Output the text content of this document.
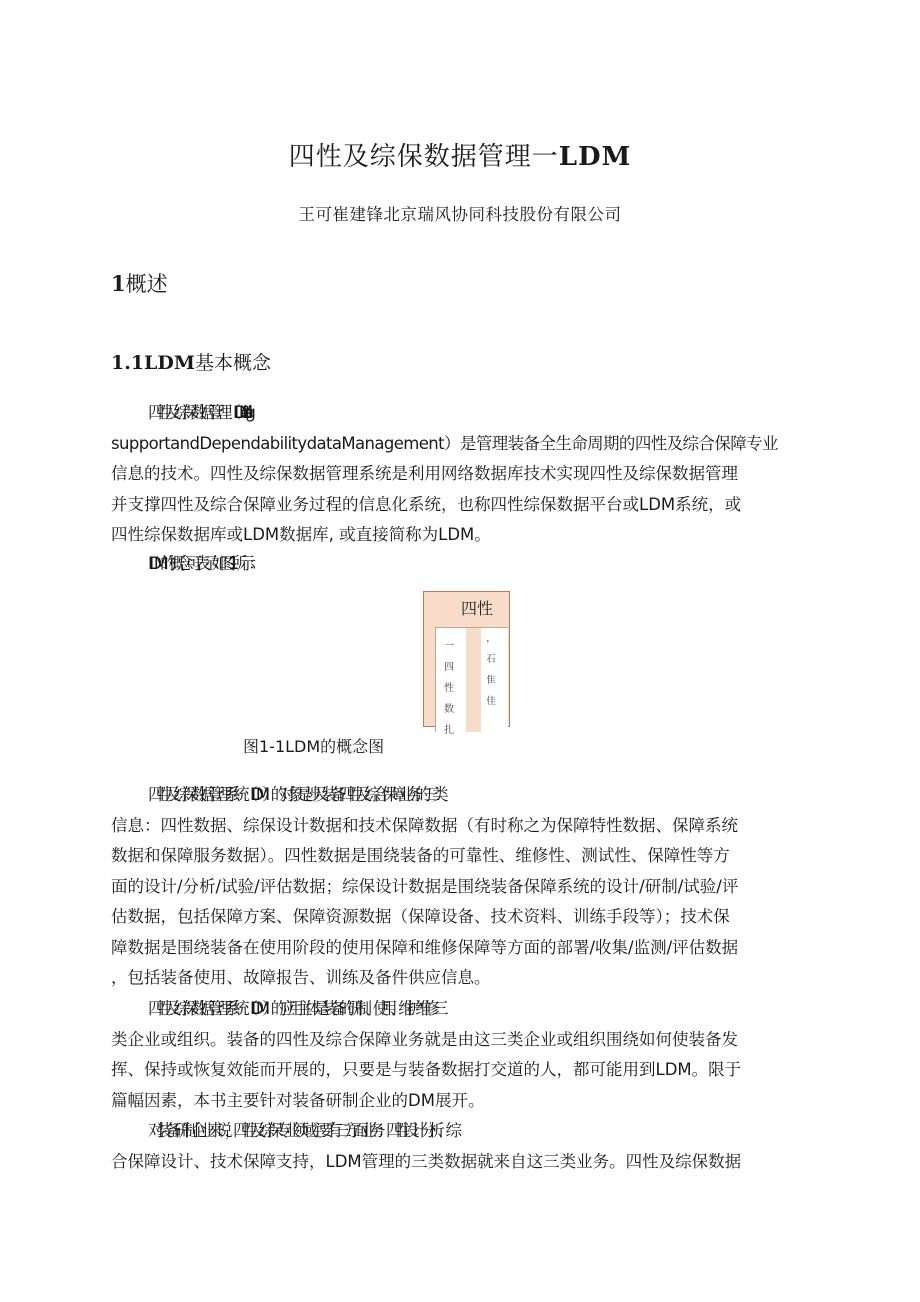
四性及综保数据管理一LDM
王可崔建锋北京瑞风协同科技股份有限公司
1概述
1.1LDM基本概念
四性及综保数据管理（LDM,Logistic-
supportandDependabilitydataManagement）是管理装备全生命周期的四性及综合保障专业
信息的技术。四性及综保数据管理系统是利用网络数据库技术实现四性及综保数据管理
并支撑四性及综合保障业务过程的信息化系统，也称四性综保数据平台或LDM系统，或
四性综保数据库或LDM数据库, 或直接简称为LDM。
LDM的概念可表示如图1-1所示：
四性
一
四
性
数
扎
，
石
隹
佳
图1-1LDM的概念图
四性及综保数据管理系统（LDM）的对象是涉及装备四性及综合保障业务的三类
信息：四性数据、综保设计数据和技术保障数据（有时称之为保障特性数据、保障系统
数据和保障服务数据）。四性数据是围绕装备的可靠性、维修性、测试性、保障性等方
面的设计/分析/试验/评估数据；综保设计数据是围绕装备保障系统的设计/研制/试验/评
估数据，包括保障方案、保障资源数据（保障设备、技术资料、训练手段等）；技术保
障数据是围绕装备在使用阶段的使用保障和维修保障等方面的部署/收集/监测/评估数据
，包括装备使用、故障报告、训练及备件供应信息。
四性及综保数据管理系统（LDM）的应用主体是装备的研制、使用、维护维修三
类企业或组织。装备的四性及综合保障业务就是由这三类企业或组织围绕如何使装备发
挥、保持或恢复效能而开展的，只要是与装备数据打交道的人，都可能用到LDM。限于
篇幅因素，本书主要针对装备研制企业的DM展开。
对装备研制企业来说，四性及综保专业领域主要有三方面业务：四性设计分析、综
合保障设计、技术保障支持，LDM管理的三类数据就来自这三类业务。四性及综保数据
